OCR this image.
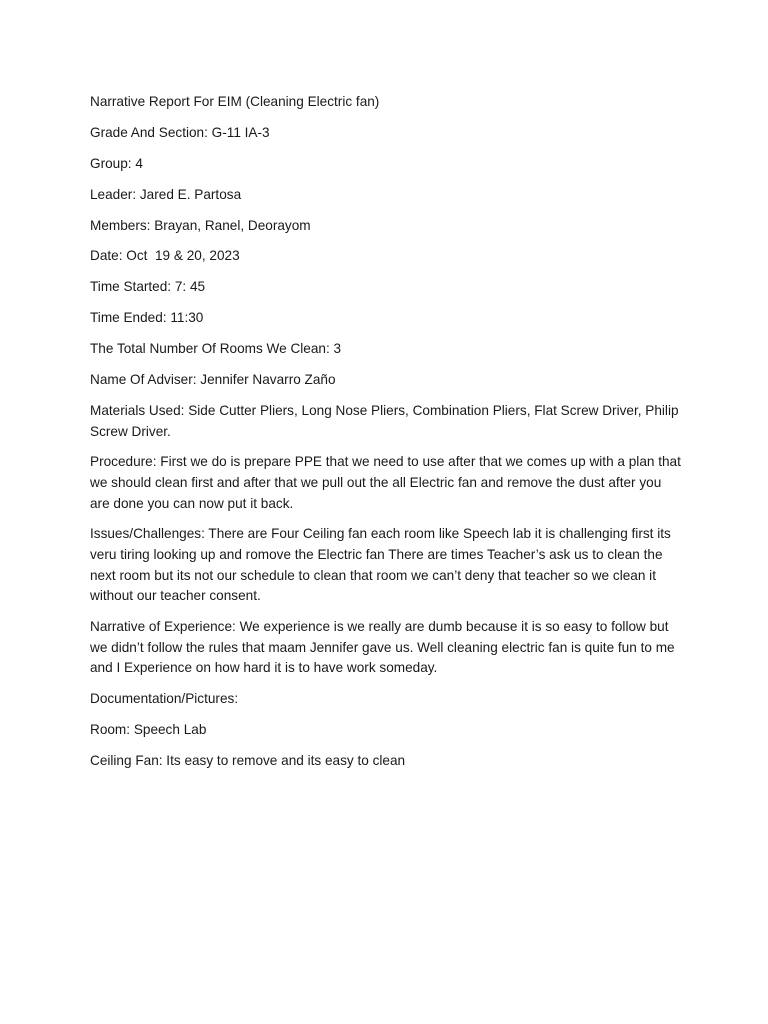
Narrative Report For EIM (Cleaning Electric fan)

Grade And Section: G-11 IA-3

Group: 4

Leader: Jared E. Partosa

Members: Brayan, Ranel, Deorayom

Date: Oct  19 & 20, 2023

Time Started: 7: 45

Time Ended: 11:30

The Total Number Of Rooms We Clean: 3

Name Of Adviser: Jennifer Navarro Zaño

Materials Used: Side Cutter Pliers, Long Nose Pliers, Combination Pliers, Flat Screw Driver, Philip Screw Driver.

Procedure: First we do is prepare PPE that we need to use after that we comes up with a plan that we should clean first and after that we pull out the all Electric fan and remove the dust after you are done you can now put it back.

Issues/Challenges: There are Four Ceiling fan each room like Speech lab it is challenging first its veru tiring looking up and romove the Electric fan There are times Teacher’s ask us to clean the next room but its not our schedule to clean that room we can’t deny that teacher so we clean it without our teacher consent.

Narrative of Experience: We experience is we really are dumb because it is so easy to follow but we didn’t follow the rules that maam Jennifer gave us. Well cleaning electric fan is quite fun to me and I Experience on how hard it is to have work someday.

Documentation/Pictures:

Room: Speech Lab

Ceiling Fan: Its easy to remove and its easy to clean
